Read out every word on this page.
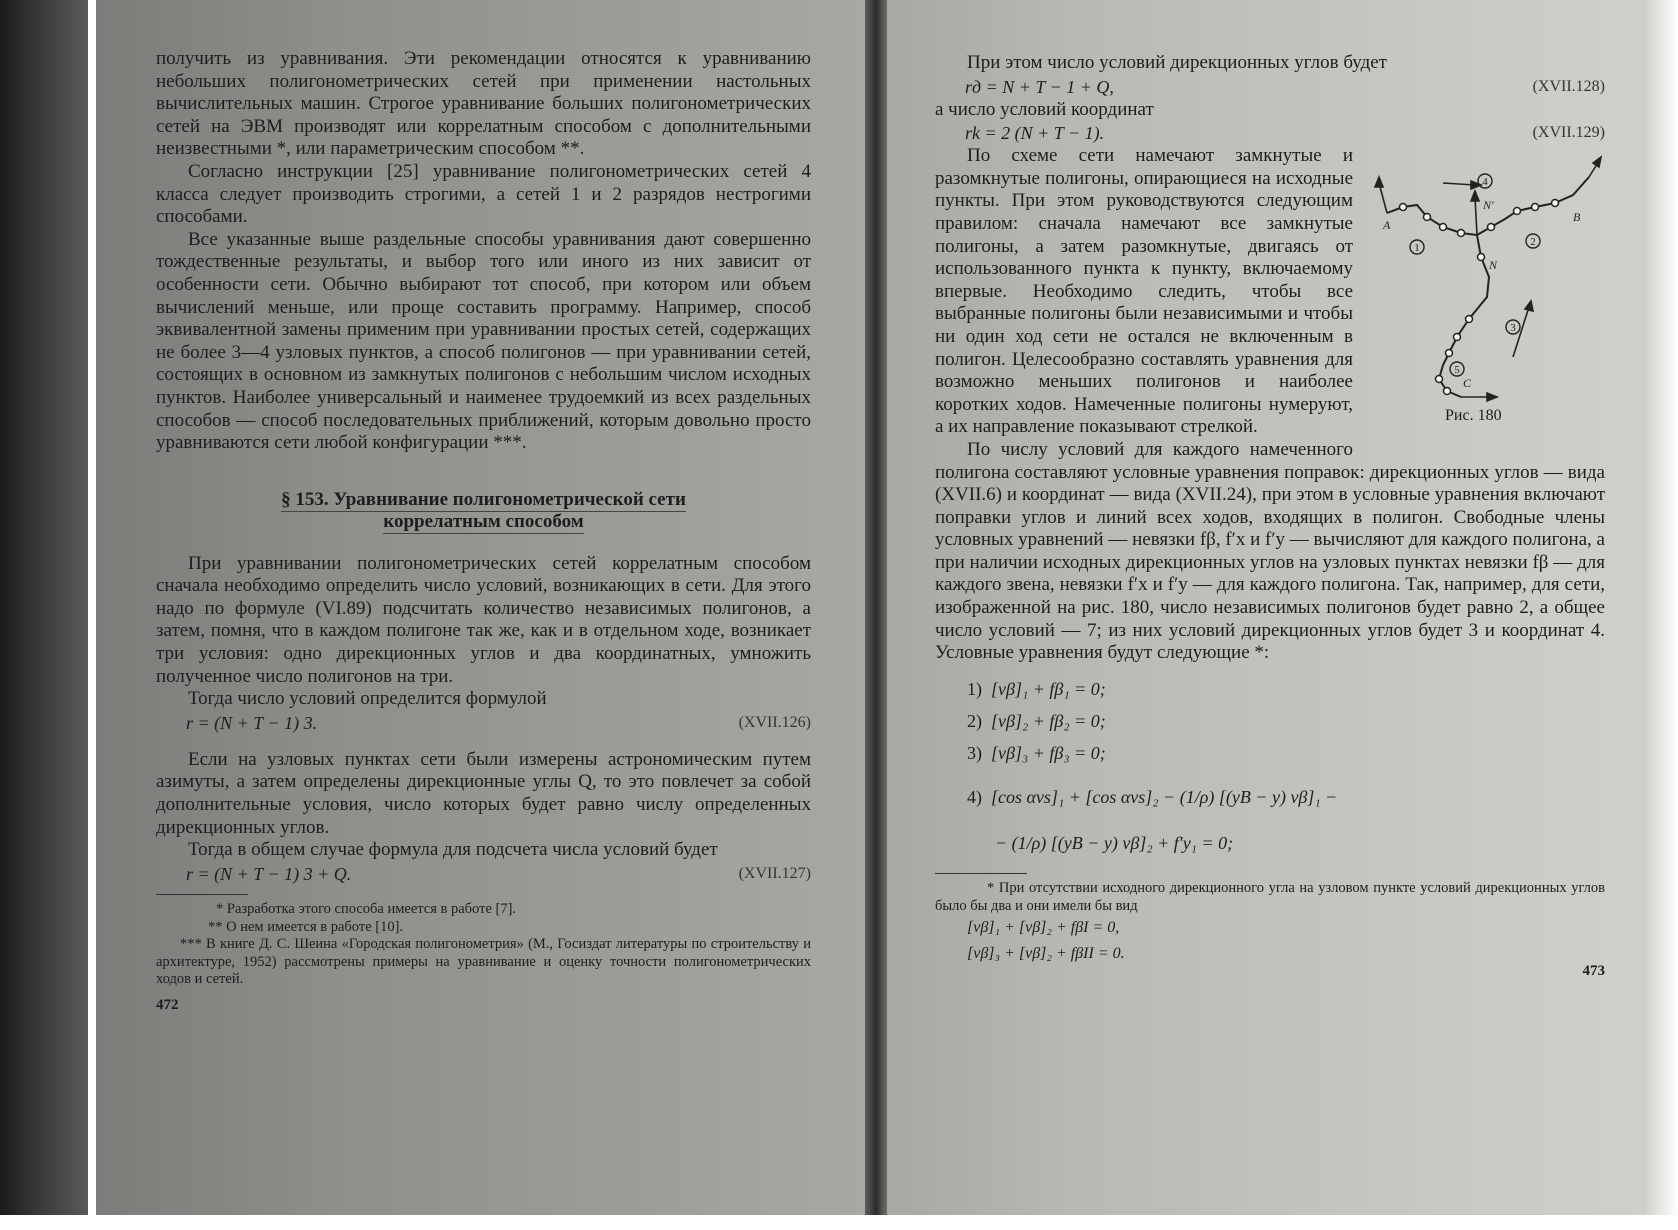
получить из уравнивания. Эти рекомендации относятся к уравниванию небольших полигонометрических сетей при применении настольных вычислительных машин. Строгое уравнивание больших полигонометрических сетей на ЭВМ производят или коррелатным способом с дополнительными неизвестными *, или параметрическим способом **.

Согласно инструкции [25] уравнивание полигонометрических сетей 4 класса следует производить строгими, а сетей 1 и 2 разрядов нестрогими способами.

Все указанные выше раздельные способы уравнивания дают совершенно тождественные результаты, и выбор того или иного из них зависит от особенности сети. Обычно выбирают тот способ, при котором или объем вычислений меньше, или проще составить программу. Например, способ эквивалентной замены применим при уравнивании простых сетей, содержащих не более 3—4 узловых пунктов, а способ полигонов — при уравнивании сетей, состоящих в основном из замкнутых полигонов с небольшим числом исходных пунктов. Наиболее универсальный и наименее трудоемкий из всех раздельных способов — способ последовательных приближений, которым довольно просто уравниваются сети любой конфигурации ***.

§ 153. Уравнивание полигонометрической сети

коррелатным способом

При уравнивании полигонометрических сетей коррелатным способом сначала необходимо определить число условий, возникающих в сети. Для этого надо по формуле (VI.89) подсчитать количество независимых полигонов, а затем, помня, что в каждом полигоне так же, как и в отдельном ходе, возникает три условия: одно дирекционных углов и два координатных, умножить полученное число полигонов на три.

Тогда число условий определится формулой

r = (N + T − 1) 3.	(XVII.126)

Если на узловых пунктах сети были измерены астрономическим путем азимуты, а затем определены дирекционные углы Q, то это повлечет за собой дополнительные условия, число которых будет равно числу определенных дирекционных углов.

Тогда в общем случае формула для подсчета числа условий будет

r = (N + T − 1) 3 + Q.	(XVII.127)
* Разработка этого способа имеется в работе [7].
** О нем имеется в работе [10].
*** В книге Д. С. Шеина «Городская полигонометрия» (М., Госиздат литературы по строительству и архитектуре, 1952) рассмотрены примеры на уравнивание и оценку точности полигонометрических ходов и сетей.
472

При этом число условий дирекционных углов будет

rд = N + T − 1 + Q,	(XVII.128)

а число условий координат

rk = 2 (N + T − 1).	(XVII.129)
4
1	2
3
5
A
B
C
N
N′
Рис. 180

По схеме сети намечают замкнутые и разомкнутые полигоны, опирающиеся на исходные пункты. При этом руководствуются следующим правилом: сначала намечают все замкнутые полигоны, а затем разомкнутые, двигаясь от использованного пункта к пункту, включаемому впервые. Необходимо следить, чтобы все выбранные полигоны были независимыми и чтобы ни один ход сети не остался не включенным в полигон. Целесообразно составлять уравнения для возможно меньших полигонов и наиболее коротких ходов. Намеченные полигоны нумеруют, а их направление показывают стрелкой.

По числу условий для каждого намеченного полигона составляют условные уравнения поправок: дирекционных углов — вида (XVII.6) и координат — вида (XVII.24), при этом в условные уравнения включают поправки углов и линий всех ходов, входящих в полигон. Свободные члены условных уравнений — невязки fβ, f′x и f′y — вычисляют для каждого полигона, а при наличии исходных дирекционных углов на узловых пунктах невязки fβ — для каждого звена, невязки f′x и f′y — для каждого полигона. Так, например, для сети, изображенной на рис. 180, число независимых полигонов будет равно 2, а общее число условий — 7; из них условий дирекционных углов будет 3 и координат 4. Условные уравнения будут следующие *:

1) [vβ]₁ + fβ₁ = 0;
2) [vβ]₂ + fβ₂ = 0;
3) [vβ]₃ + fβ₃ = 0;
4) [cos αvs]₁ + [cos αvs]₂ − (1/ρ) [(yB − y) vβ]₁ −
− (1/ρ) [(yB − y) vβ]₂ + f′y₁ = 0;
* При отсутствии исходного дирекционного угла на узловом пункте условий дирекционных углов было бы два и они имели бы вид
[vβ]₁ + [vβ]₂ + fβI = 0,
[vβ]₃ + [vβ]₂ + fβII = 0.
473
